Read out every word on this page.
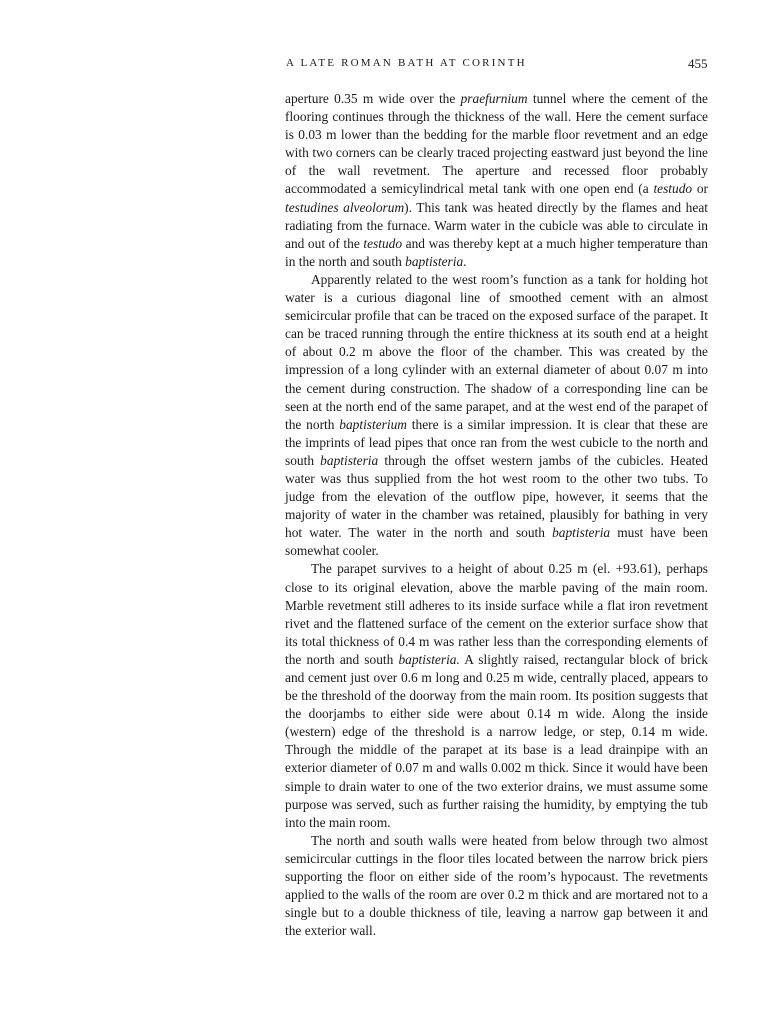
A LATE ROMAN BATH AT CORINTH	455

aperture 0.35 m wide over the praefurnium tunnel where the cement of the flooring continues through the thickness of the wall. Here the cement surface is 0.03 m lower than the bedding for the marble floor revetment and an edge with two corners can be clearly traced projecting eastward just beyond the line of the wall revetment. The aperture and recessed floor probably accommodated a semicylindrical metal tank with one open end (a testudo or testudines alveolorum). This tank was heated directly by the flames and heat radiating from the furnace. Warm water in the cubicle was able to circulate in and out of the testudo and was thereby kept at a much higher temperature than in the north and south baptisteria.

Apparently related to the west room’s function as a tank for holding hot water is a curious diagonal line of smoothed cement with an almost semicircular profile that can be traced on the exposed surface of the parapet. It can be traced running through the entire thickness at its south end at a height of about 0.2 m above the floor of the chamber. This was created by the impression of a long cylinder with an external diameter of about 0.07 m into the cement during construction. The shadow of a corresponding line can be seen at the north end of the same parapet, and at the west end of the parapet of the north baptisterium there is a similar impression. It is clear that these are the imprints of lead pipes that once ran from the west cubicle to the north and south baptisteria through the offset western jambs of the cubicles. Heated water was thus supplied from the hot west room to the other two tubs. To judge from the elevation of the outflow pipe, however, it seems that the majority of water in the chamber was retained, plausibly for bathing in very hot water. The water in the north and south baptisteria must have been somewhat cooler.

The parapet survives to a height of about 0.25 m (el. +93.61), perhaps close to its original elevation, above the marble paving of the main room. Marble revetment still adheres to its inside surface while a flat iron revetment rivet and the flattened surface of the cement on the exterior surface show that its total thickness of 0.4 m was rather less than the corresponding elements of the north and south baptisteria. A slightly raised, rectangular block of brick and cement just over 0.6 m long and 0.25 m wide, centrally placed, appears to be the threshold of the doorway from the main room. Its position suggests that the doorjambs to either side were about 0.14 m wide. Along the inside (western) edge of the threshold is a narrow ledge, or step, 0.14 m wide. Through the middle of the parapet at its base is a lead drainpipe with an exterior diameter of 0.07 m and walls 0.002 m thick. Since it would have been simple to drain water to one of the two exterior drains, we must assume some purpose was served, such as further raising the humidity, by emptying the tub into the main room.

The north and south walls were heated from below through two almost semicircular cuttings in the floor tiles located between the narrow brick piers supporting the floor on either side of the room’s hypocaust. The revetments applied to the walls of the room are over 0.2 m thick and are mortared not to a single but to a double thickness of tile, leaving a narrow gap between it and the exterior wall.
